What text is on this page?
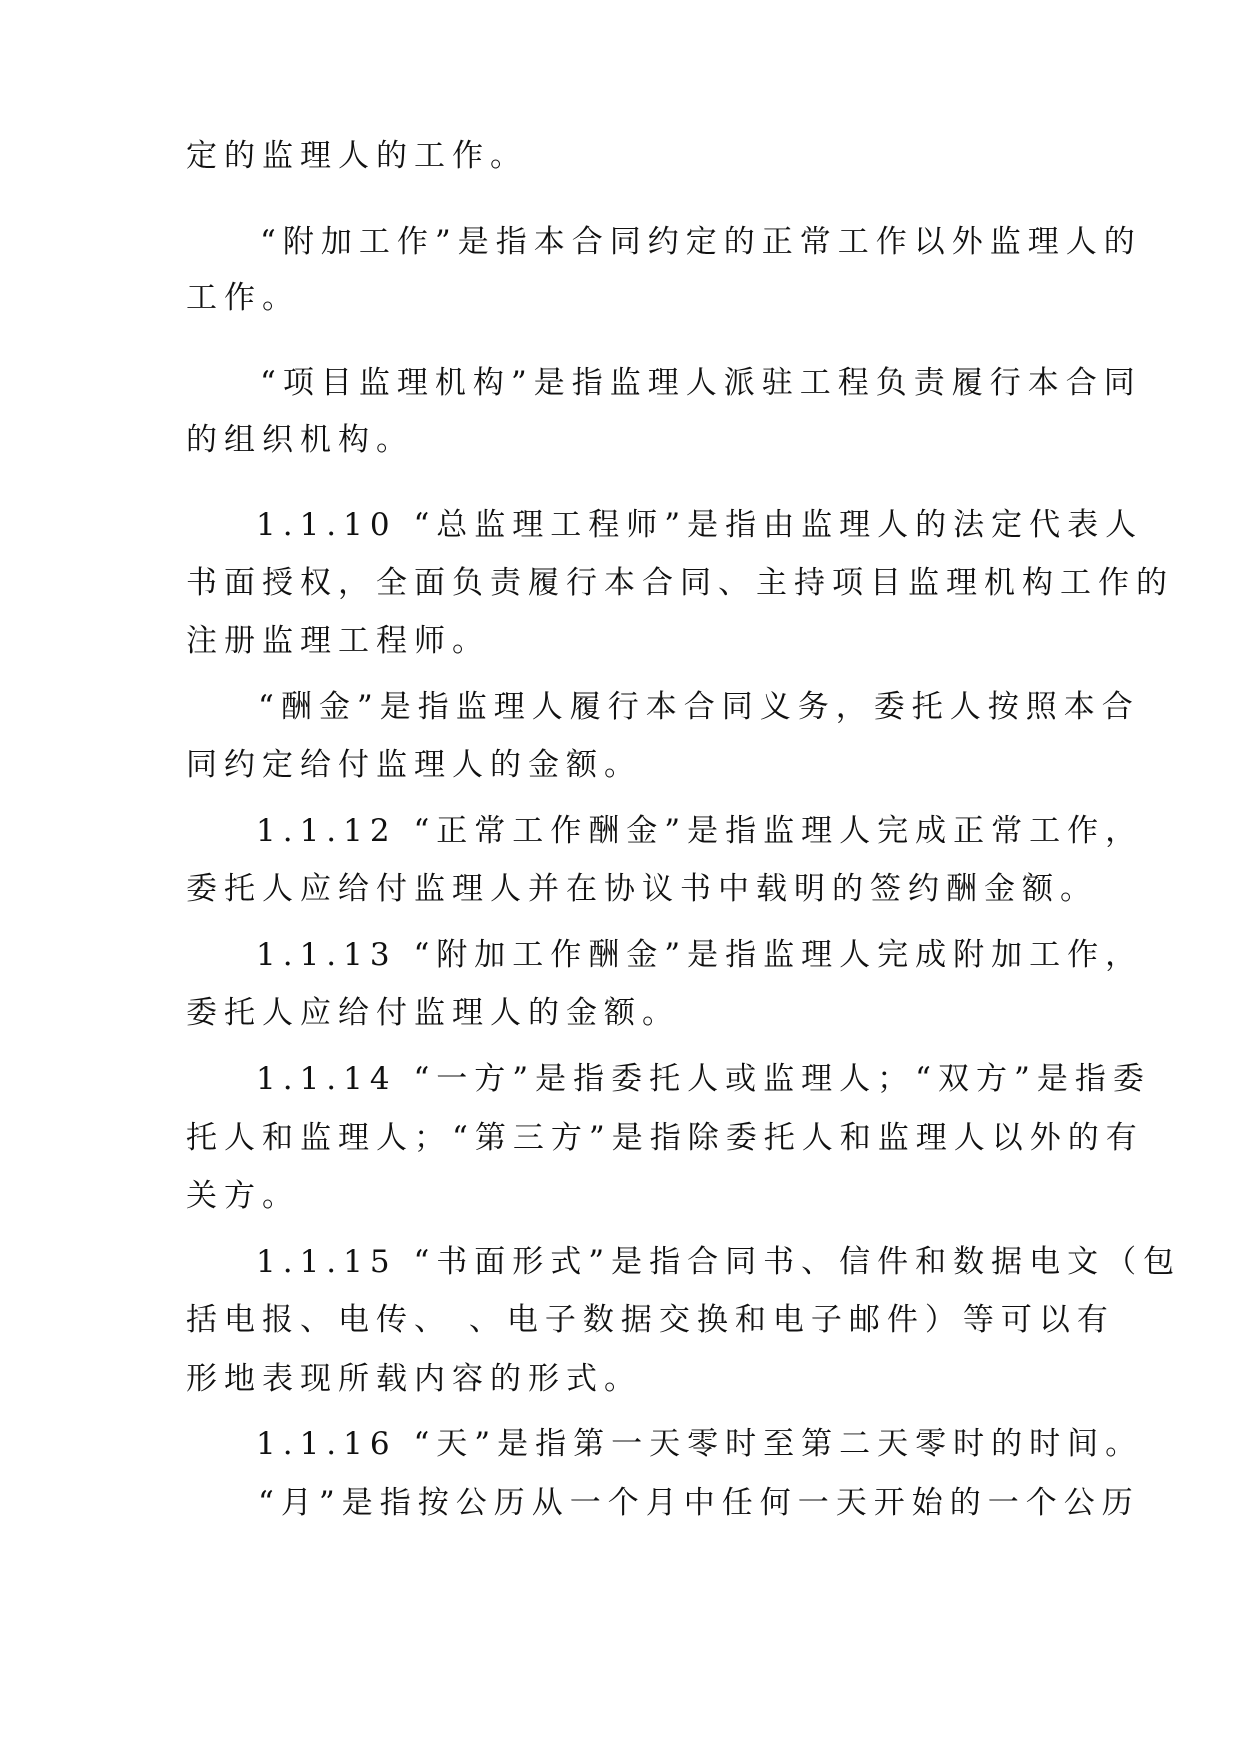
定的监理人的工作。
“附加工作”是指本合同约定的正常工作以外监理人的
工作。
“项目监理机构”是指监理人派驻工程负责履行本合同
的组织机构。
1.1.10 “总监理工程师”是指由监理人的法定代表人
书面授权，全面负责履行本合同、主持项目监理机构工作的
注册监理工程师。
“酬金”是指监理人履行本合同义务，委托人按照本合
同约定给付监理人的金额。
1.1.12 “正常工作酬金”是指监理人完成正常工作，
委托人应给付监理人并在协议书中载明的签约酬金额。
1.1.13 “附加工作酬金”是指监理人完成附加工作，
委托人应给付监理人的金额。
1.1.14 “一方”是指委托人或监理人；“双方”是指委
托人和监理人；“第三方”是指除委托人和监理人以外的有
关方。
1.1.15 “书面形式”是指合同书、信件和数据电文（包
括电报、电传、 、电子数据交换和电子邮件）等可以有
形地表现所载内容的形式。
1.1.16 “天”是指第一天零时至第二天零时的时间。
“月”是指按公历从一个月中任何一天开始的一个公历
